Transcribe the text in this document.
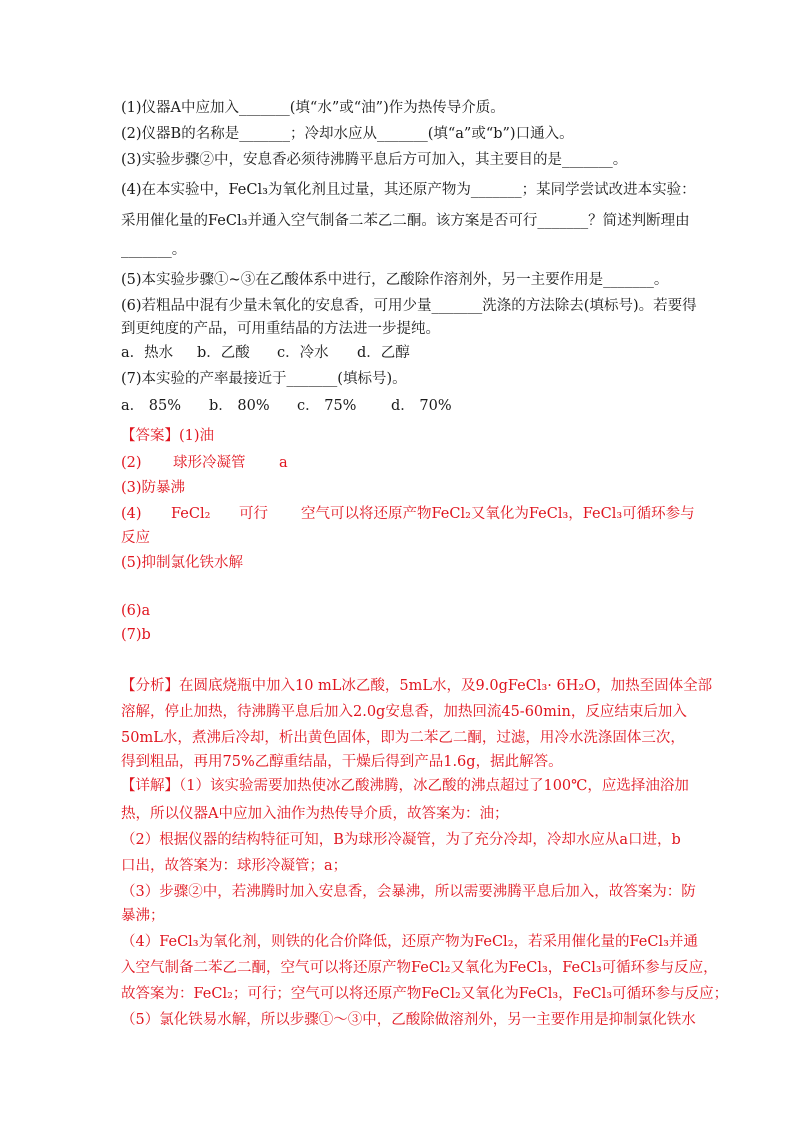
(1)仪器A中应加入_______(填“水”或“油”)作为热传导介质。
(2)仪器B的名称是_______；冷却水应从_______(填“a”或“b”)口通入。
(3)实验步骤②中，安息香必须待沸腾平息后方可加入，其主要目的是_______。
(4)在本实验中，FeCl₃为氧化剂且过量，其还原产物为_______；某同学尝试改进本实验：
采用催化量的FeCl₃并通入空气制备二苯乙二酮。该方案是否可行_______？简述判断理由
_______。
(5)本实验步骤①~③在乙酸体系中进行，乙酸除作溶剂外，另一主要作用是_______。
(6)若粗品中混有少量未氧化的安息香，可用少量_______洗涤的方法除去(填标号)。若要得
到更纯度的产品，可用重结晶的方法进一步提纯。
a．热水 b．乙酸 c．冷水 d．乙醇
(7)本实验的产率最接近于_______(填标号)。
a． 85% b． 80% c． 75% d． 70%
【答案】(1)油
(2) 球形冷凝管 a
(3)防暴沸
(4) FeCl₂ 可行 空气可以将还原产物FeCl₂又氧化为FeCl₃，FeCl₃可循环参与
反应
(5)抑制氯化铁水解
(6)a
(7)b
【分析】在圆底烧瓶中加入10 mL冰乙酸，5mL水，及9.0gFeCl₃· 6H₂O，加热至固体全部
溶解，停止加热，待沸腾平息后加入2.0g安息香，加热回流45-60min，反应结束后加入
50mL水，煮沸后冷却，析出黄色固体，即为二苯乙二酮，过滤，用冷水洗涤固体三次，
得到粗品，再用75%乙醇重结晶，干燥后得到产品1.6g，据此解答。
【详解】（1）该实验需要加热使冰乙酸沸腾，冰乙酸的沸点超过了100℃，应选择油浴加
热，所以仪器A中应加入油作为热传导介质，故答案为：油；
（2）根据仪器的结构特征可知，B为球形冷凝管，为了充分冷却，冷却水应从a口进，b
口出，故答案为：球形冷凝管；a；
（3）步骤②中，若沸腾时加入安息香，会暴沸，所以需要沸腾平息后加入，故答案为：防
暴沸；
（4）FeCl₃为氧化剂，则铁的化合价降低，还原产物为FeCl₂，若采用催化量的FeCl₃并通
入空气制备二苯乙二酮，空气可以将还原产物FeCl₂又氧化为FeCl₃，FeCl₃可循环参与反应，
故答案为：FeCl₂；可行；空气可以将还原产物FeCl₂又氧化为FeCl₃，FeCl₃可循环参与反应；
（5）氯化铁易水解，所以步骤①～③中，乙酸除做溶剂外，另一主要作用是抑制氯化铁水
